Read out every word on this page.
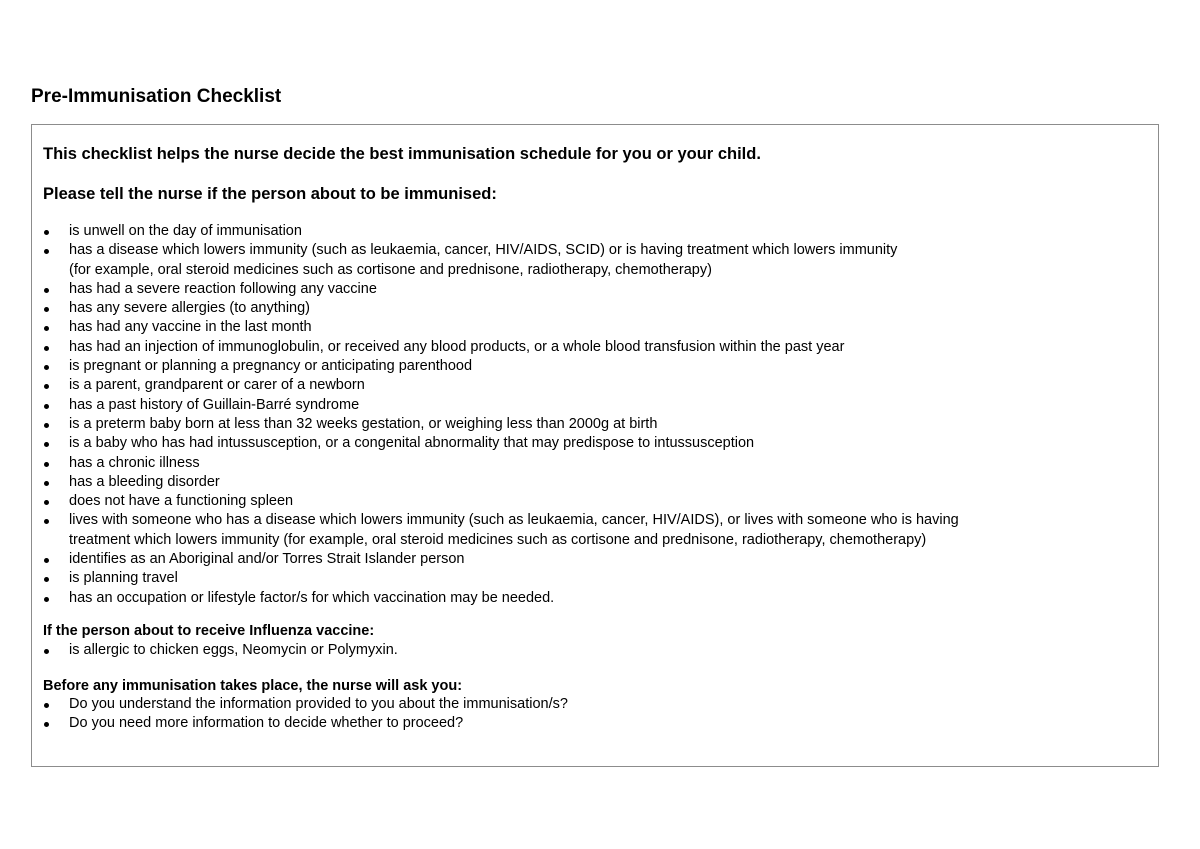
Pre-Immunisation Checklist

This checklist helps the nurse decide the best immunisation schedule for you or your child.

Please tell the nurse if the person about to be immunised:

is unwell on the day of immunisation
has a disease which lowers immunity (such as leukaemia, cancer, HIV/AIDS, SCID) or is having treatment which lowers immunity
(for example, oral steroid medicines such as cortisone and prednisone, radiotherapy, chemotherapy)
has had a severe reaction following any vaccine
has any severe allergies (to anything)
has had any vaccine in the last month
has had an injection of immunoglobulin, or received any blood products, or a whole blood transfusion within the past year
is pregnant or planning a pregnancy or anticipating parenthood
is a parent, grandparent or carer of a newborn
has a past history of Guillain-Barré syndrome
is a preterm baby born at less than 32 weeks gestation, or weighing less than 2000g at birth
is a baby who has had intussusception, or a congenital abnormality that may predispose to intussusception
has a chronic illness
has a bleeding disorder
does not have a functioning spleen
lives with someone who has a disease which lowers immunity (such as leukaemia, cancer, HIV/AIDS), or lives with someone who is having
treatment which lowers immunity (for example, oral steroid medicines such as cortisone and prednisone, radiotherapy, chemotherapy)
identifies as an Aboriginal and/or Torres Strait Islander person
is planning travel
has an occupation or lifestyle factor/s for which vaccination may be needed.

If the person about to receive Influenza vaccine:

is allergic to chicken eggs, Neomycin or Polymyxin.

Before any immunisation takes place, the nurse will ask you:

Do you understand the information provided to you about the immunisation/s?
Do you need more information to decide whether to proceed?
